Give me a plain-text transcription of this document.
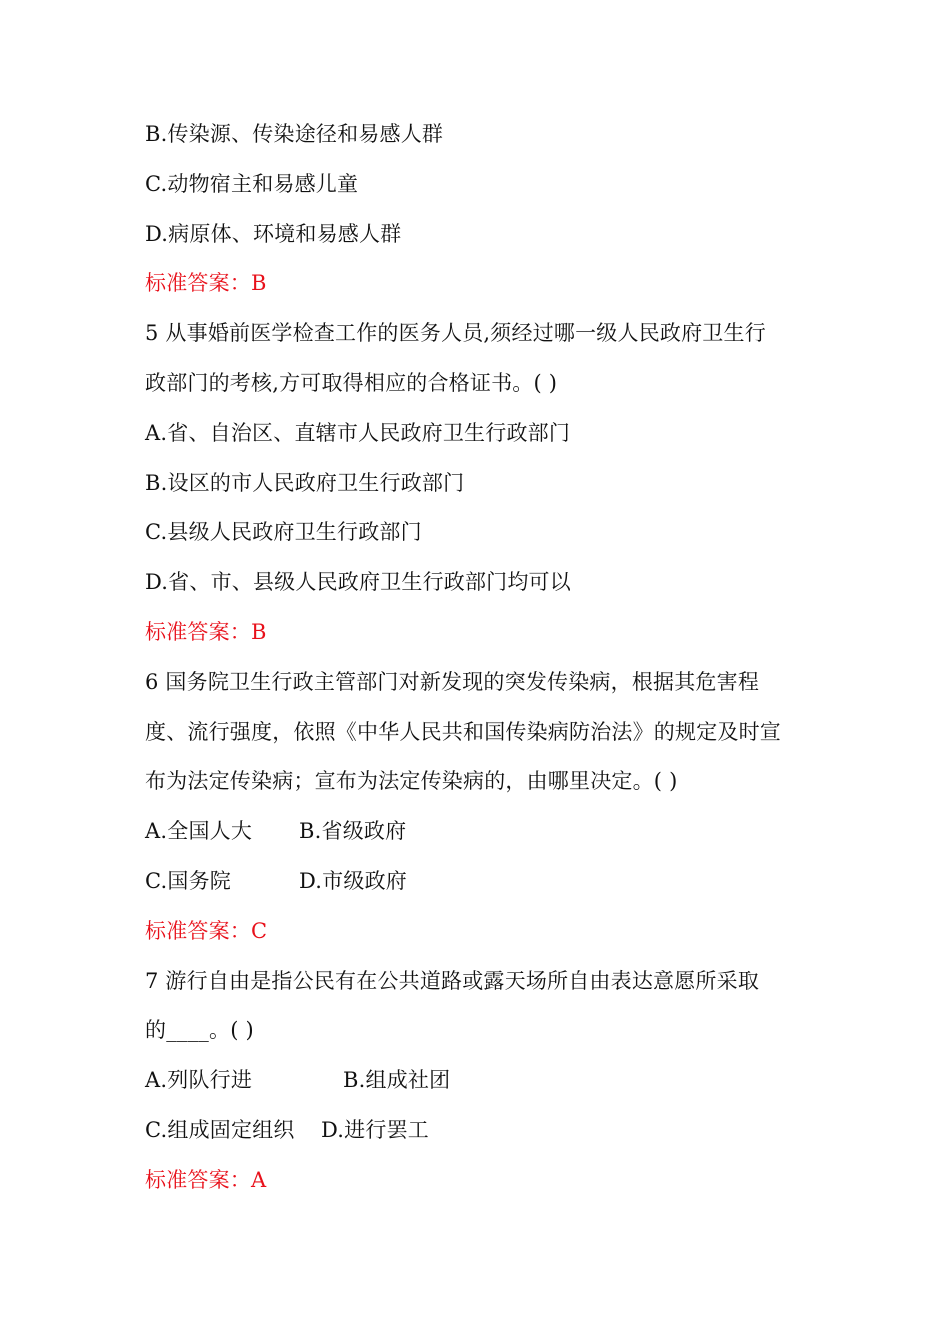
B.传染源、传染途径和易感人群
C.动物宿主和易感儿童
D.病原体、环境和易感人群
标准答案：B
5 从事婚前医学检查工作的医务人员,须经过哪一级人民政府卫生行
政部门的考核,方可取得相应的合格证书。( )
A.省、自治区、直辖市人民政府卫生行政部门
B.设区的市人民政府卫生行政部门
C.县级人民政府卫生行政部门
D.省、市、县级人民政府卫生行政部门均可以
标准答案：B
6 国务院卫生行政主管部门对新发现的突发传染病，根据其危害程
度、流行强度，依照《中华人民共和国传染病防治法》的规定及时宣
布为法定传染病；宣布为法定传染病的，由哪里决定。( )
A.全国人大	B.省级政府
C.国务院	D.市级政府
标准答案：C
7 游行自由是指公民有在公共道路或露天场所自由表达意愿所采取
的____。( )
A.列队行进	B.组成社团
C.组成固定组织	D.进行罢工
标准答案：A
